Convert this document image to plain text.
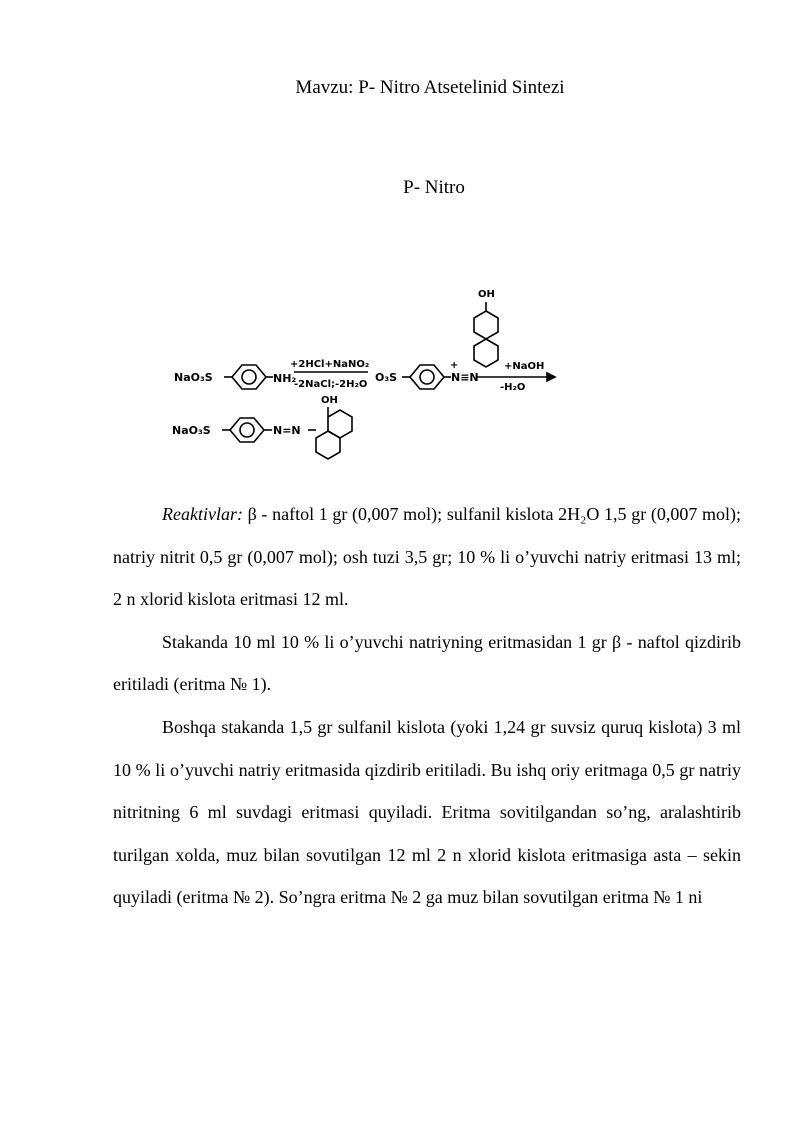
Mavzu: P- Nitro Atsetelinid Sintezi
P- Nitro
NaO₃S	NH₂
+2HCl+NaNO₂
-2NaCl;-2H₂O
O₃S
+
N≡N
+NaOH
-H₂O
OH
NaO₃S	N=N
OH

Reaktivlar: β - naftol 1 gr (0,007 mol); sulfanil kislota 2H₂O 1,5 gr (0,007 mol); natriy nitrit 0,5 gr (0,007 mol); osh tuzi 3,5 gr; 10 % li o’yuvchi natriy eritmasi 13 ml; 2 n xlorid kislota eritmasi 12 ml.

Stakanda 10 ml 10 % li o’yuvchi natriyning eritmasidan 1 gr β - naftol qizdirib eritiladi (eritma № 1).

Boshqa stakanda 1,5 gr sulfanil kislota (yoki 1,24 gr suvsiz quruq kislota) 3 ml 10 % li o’yuvchi natriy eritmasida qizdirib eritiladi. Bu ishq oriy eritmaga 0,5 gr natriy nitritning 6 ml suvdagi eritmasi quyiladi. Eritma sovitilgandan so’ng, aralashtirib turilgan xolda, muz bilan sovutilgan 12 ml 2 n xlorid kislota eritmasiga asta – sekin quyiladi (eritma № 2). So’ngra eritma № 2 ga muz bilan sovutilgan eritma № 1 ni
